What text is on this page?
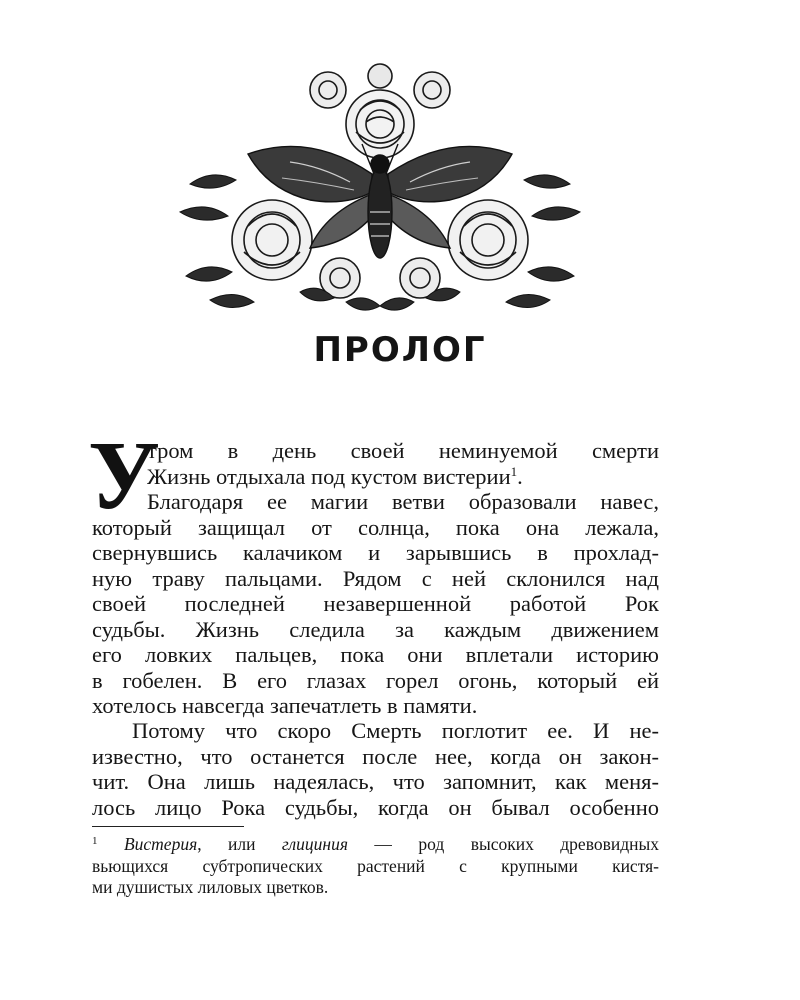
ПРОЛОГ
У
тром в день своей неминуемой смерти
Жизнь отдыхала под кустом вистерии$^1$.
Благодаря ее магии ветви образовали навес,
который защищал от солнца, пока она лежала,
свернувшись калачиком и зарывшись в прохлад-
ную траву пальцами. Рядом с ней склонился над
своей последней незавершенной работой Рок
судьбы. Жизнь следила за каждым движением
его ловких пальцев, пока они вплетали историю
в гобелен. В его глазах горел огонь, который ей
хотелось навсегда запечатлеть в памяти.
Потому что скоро Смерть поглотит ее. И не-
известно, что останется после нее, когда он закон-
чит. Она лишь надеялась, что запомнит, как меня-
лось лицо Рока судьбы, когда он бывал особенно
$^1$ Вистерия, или глициния — род высоких древовидных
вьющихся субтропических растений с крупными кистя-
ми душистых лиловых цветков.
